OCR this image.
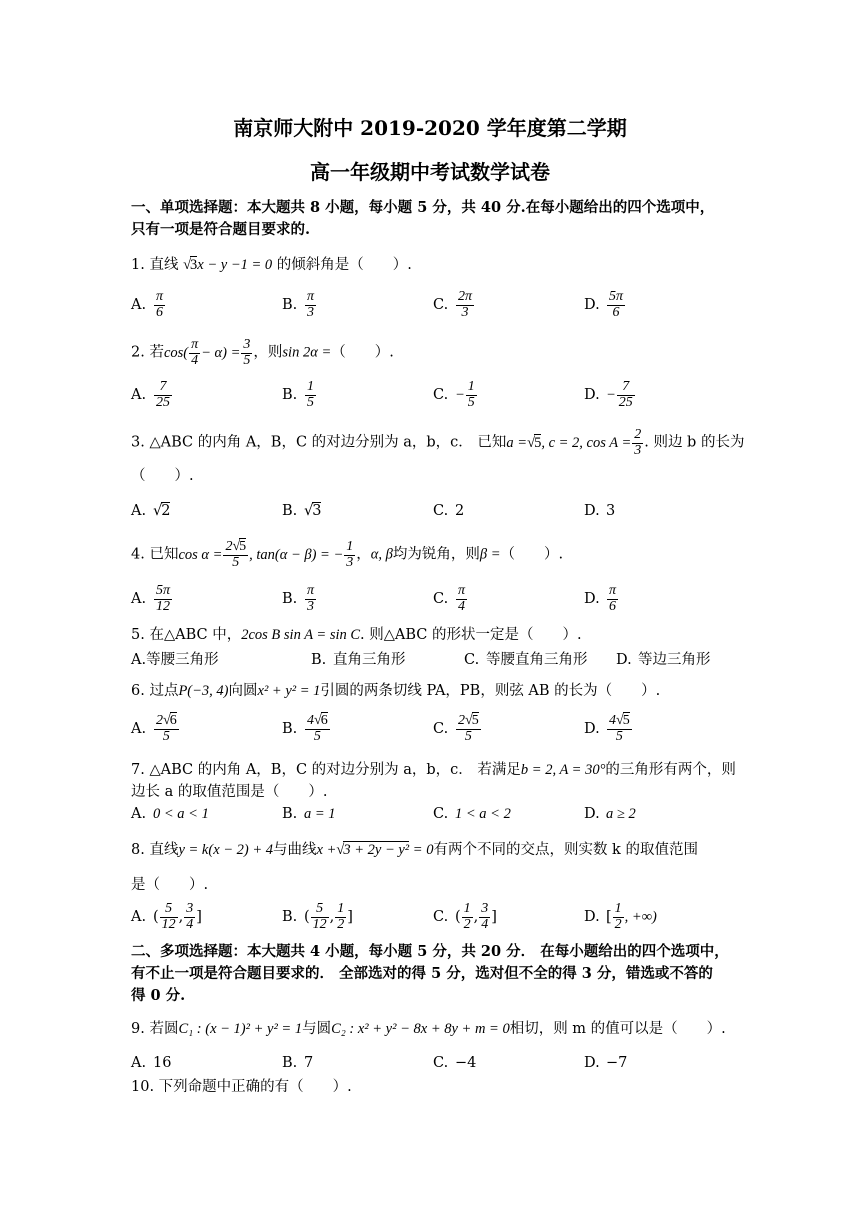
南京师大附中 2019-2020 学年度第二学期
高一年级期中考试数学试卷
一、单项选择题：本大题共 8 小题，每小题 5 分，共 40 分.在每小题给出的四个选项中，
只有一项是符合题目要求的.
1. 直线 √3x − y −1 = 0 的倾斜角是（　　）.
A. $\frac{\pi}{6}$	B. $\frac{\pi}{3}$	C. $\frac{2\pi}{3}$	D. $\frac{5\pi}{6}$
2. 若$\cos( \frac{\pi}{4} - \alpha) = \frac{3}{5}$ ，则sin 2α =（　　）.
A. $\frac{7}{25}$	B. $\frac{1}{5}$	C. − $\frac{1}{5}$	D. − $\frac{7}{25}$
3. △ABC 的内角 A，B，C 的对边分别为 a，b，c． 已知a =√5, c = 2, $\cos A = \frac{2}{3}$ . 则边 b 的长为
（　　）.
A. √2	B. √3	C. 2	D. 3
4. 已知$\cos \alpha = \frac{2√5}{5}$ , tan(α − β) = − $\frac{1}{3}$ ，α, β均为锐角，则β =（　　）.
A. $\frac{5\pi}{12}$	B. $\frac{\pi}{3}$	C. $\frac{\pi}{4}$	D. $\frac{\pi}{6}$
5. 在△ABC 中，2cos B sin A = sin C. 则△ABC 的形状一定是（　　）.
A.等腰三角形	B. 直角三角形	C. 等腰直角三角形 D. 等边三角形
6. 过点P(−3, 4)向圆x² + y² = 1引圆的两条切线 PA，PB，则弦 AB 的长为（　　）.
A. $\frac{2√6}{5}$	B. $\frac{4√6}{5}$	C. $\frac{2√5}{5}$	D. $\frac{4√5}{5}$
7. △ABC 的内角 A，B，C 的对边分别为 a，b，c． 若满足b = 2, A = 30°的三角形有两个，则
边长 a 的取值范围是（　　）.
A. 0 < a < 1	B. a = 1	C. 1 < a < 2	D. a ≥ 2
8. 直线y = k(x − 2) + 4与曲线x +√3 + 2y − y² = 0有两个不同的交点，则实数 k 的取值范围
是（　　）.
A. ( $\frac{5}{12}$ , $\frac{3}{4}$ ]	B. ( $\frac{5}{12}$ , $\frac{1}{2}$ ]	C. ( $\frac{1}{2}$ , $\frac{3}{4}$ ]	D. [ $\frac{1}{2}$ , +∞)
二、多项选择题：本大题共 4 小题，每小题 5 分，共 20 分． 在每小题给出的四个选项中，
有不止一项是符合题目要求的． 全部选对的得 5 分，选对但不全的得 3 分，错选或不答的
得 0 分.
9. 若圆C₁ : (x − 1)² + y² = 1与圆C₂ : x² + y² − 8x + 8y + m = 0相切，则 m 的值可以是（　　）.
A. 16	B. 7	C. −4	D. −7
10. 下列命题中正确的有（　　）.
